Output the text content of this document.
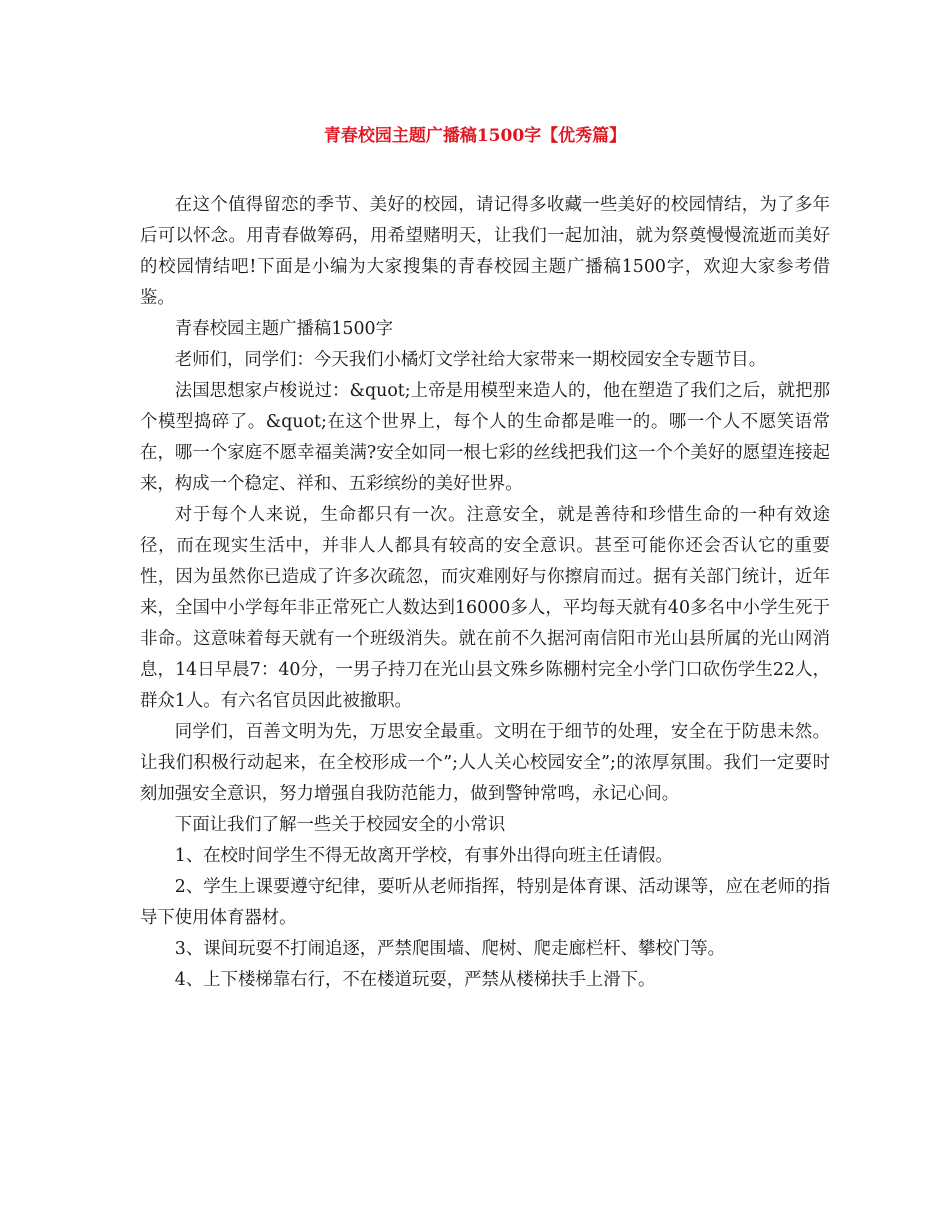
青春校园主题广播稿1500字【优秀篇】

在这个值得留恋的季节、美好的校园，请记得多收藏一些美好的校园情结，为了多年后可以怀念。用青春做筹码，用希望赌明天，让我们一起加油，就为祭奠慢慢流逝而美好的校园情结吧!下面是小编为大家搜集的青春校园主题广播稿1500字，欢迎大家参考借鉴。

青春校园主题广播稿1500字

老师们，同学们：今天我们小橘灯文学社给大家带来一期校园安全专题节目。

法国思想家卢梭说过：&quot;上帝是用模型来造人的，他在塑造了我们之后，就把那个模型捣碎了。&quot;在这个世界上，每个人的生命都是唯一的。哪一个人不愿笑语常在，哪一个家庭不愿幸福美满?安全如同一根七彩的丝线把我们这一个个美好的愿望连接起来，构成一个稳定、祥和、五彩缤纷的美好世界。

对于每个人来说，生命都只有一次。注意安全，就是善待和珍惜生命的一种有效途径，而在现实生活中，并非人人都具有较高的安全意识。甚至可能你还会否认它的重要性，因为虽然你已造成了许多次疏忽，而灾难刚好与你擦肩而过。据有关部门统计，近年来，全国中小学每年非正常死亡人数达到16000多人，平均每天就有40多名中小学生死于非命。这意味着每天就有一个班级消失。就在前不久据河南信阳市光山县所属的光山网消息，14日早晨7：40分，一男子持刀在光山县文殊乡陈棚村完全小学门口砍伤学生22人，群众1人。有六名官员因此被撤职。

同学们，百善文明为先，万思安全最重。文明在于细节的处理，安全在于防患未然。让我们积极行动起来，在全校形成一个”;人人关心校园安全”;的浓厚氛围。我们一定要时刻加强安全意识，努力增强自我防范能力，做到警钟常鸣，永记心间。

下面让我们了解一些关于校园安全的小常识

1、在校时间学生不得无故离开学校，有事外出得向班主任请假。

2、学生上课要遵守纪律，要听从老师指挥，特别是体育课、活动课等，应在老师的指导下使用体育器材。

3、课间玩耍不打闹追逐，严禁爬围墙、爬树、爬走廊栏杆、攀校门等。

4、上下楼梯靠右行，不在楼道玩耍，严禁从楼梯扶手上滑下。
